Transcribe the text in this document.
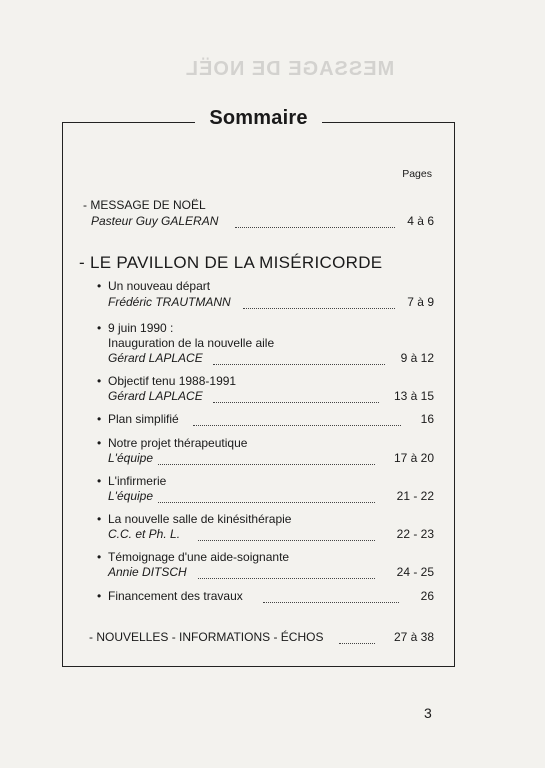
MESSAGE DE NOËL
Sommaire
Pages
- MESSAGE DE NOËL
Pasteur Guy GALERAN	4 à 6
- LE PAVILLON DE LA MISÉRICORDE
• Un nouveau départ
Frédéric TRAUTMANN	7 à 9
• 9 juin 1990 :
Inauguration de la nouvelle aile
Gérard LAPLACE	9 à 12
• Objectif tenu 1988-1991
Gérard LAPLACE	13 à 15
• Plan simplifié	16
• Notre projet thérapeutique
L'équipe	17 à 20
• L'infirmerie
L'équipe	21 - 22
• La nouvelle salle de kinésithérapie
C.C. et Ph. L.	22 - 23
• Témoignage d'une aide-soignante
Annie DITSCH	24 - 25
• Financement des travaux	26
- NOUVELLES - INFORMATIONS - ÉCHOS	27 à 38
3
